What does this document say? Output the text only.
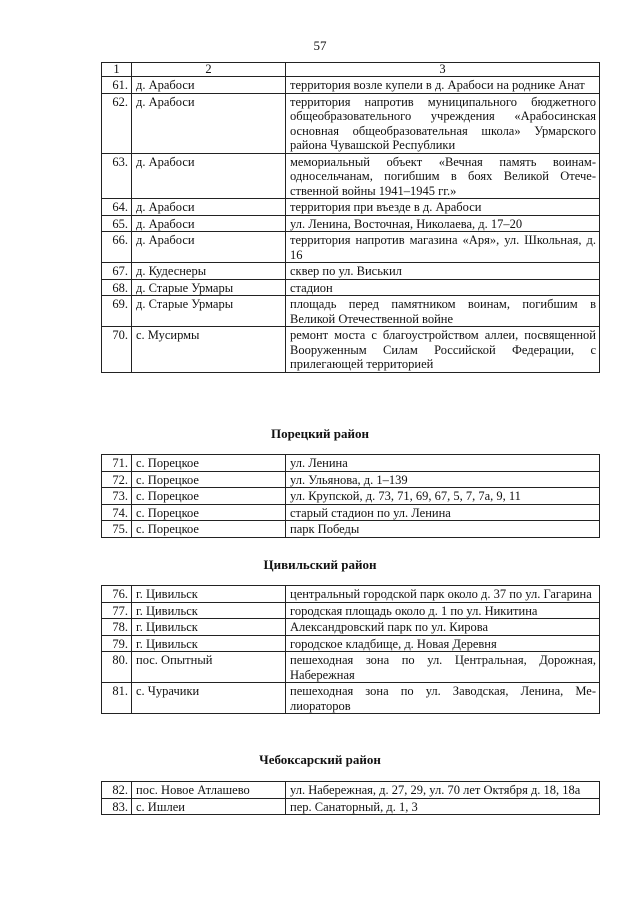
57
1	2	3
61.	д. Арабоси	территория возле купели в д. Арабоси на роднике Анат
62.	д. Арабоси	территория напротив муниципального бюджетного общеобразовательного учреждения «Арабосинская основная общеобразовательная школа» Урмарского района Чувашской Республики
63.	д. Арабоси	мемориальный объект «Вечная память воинам-односельчанам, погибшим в боях Великой Отечественной войны 1941–1945 гг.»
64.	д. Арабоси	территория при въезде в д. Арабоси
65.	д. Арабоси	ул. Ленина, Восточная, Николаева, д. 17–20
66.	д. Арабоси	территория напротив магазина «Аря», ул. Школьная, д. 16
67.	д. Кудеснеры	сквер по ул. Виськил
68.	д. Старые Урмары	стадион
69.	д. Старые Урмары	площадь перед памятником воинам, погибшим в Великой Отечественной войне
70.	с. Мусирмы	ремонт моста с благоустройством аллеи, посвященной Вооруженным Силам Российской Федерации, с прилегающей территорией
Порецкий район
71.	с. Порецкое	ул. Ленина
72.	с. Порецкое	ул. Ульянова, д. 1–139
73.	с. Порецкое	ул. Крупской, д. 73, 71, 69, 67, 5, 7, 7а, 9, 11
74.	с. Порецкое	старый стадион по ул. Ленина
75.	с. Порецкое	парк Победы
Цивильский район
76.	г. Цивильск	центральный городской парк около д. 37 по ул. Гагарина
77.	г. Цивильск	городская площадь около д. 1 по ул. Никитина
78.	г. Цивильск	Александровский парк по ул. Кирова
79.	г. Цивильск	городское кладбище, д. Новая Деревня
80.	пос. Опытный	пешеходная зона по ул. Центральная, Дорожная, Набережная
81.	с. Чурачики	пешеходная зона по ул. Заводская, Ленина, Мелиораторов
Чебоксарский район
82.	пос. Новое Атлашево	ул. Набережная, д. 27, 29, ул. 70 лет Октября д. 18, 18а
83.	с. Ишлеи	пер. Санаторный, д. 1, 3
